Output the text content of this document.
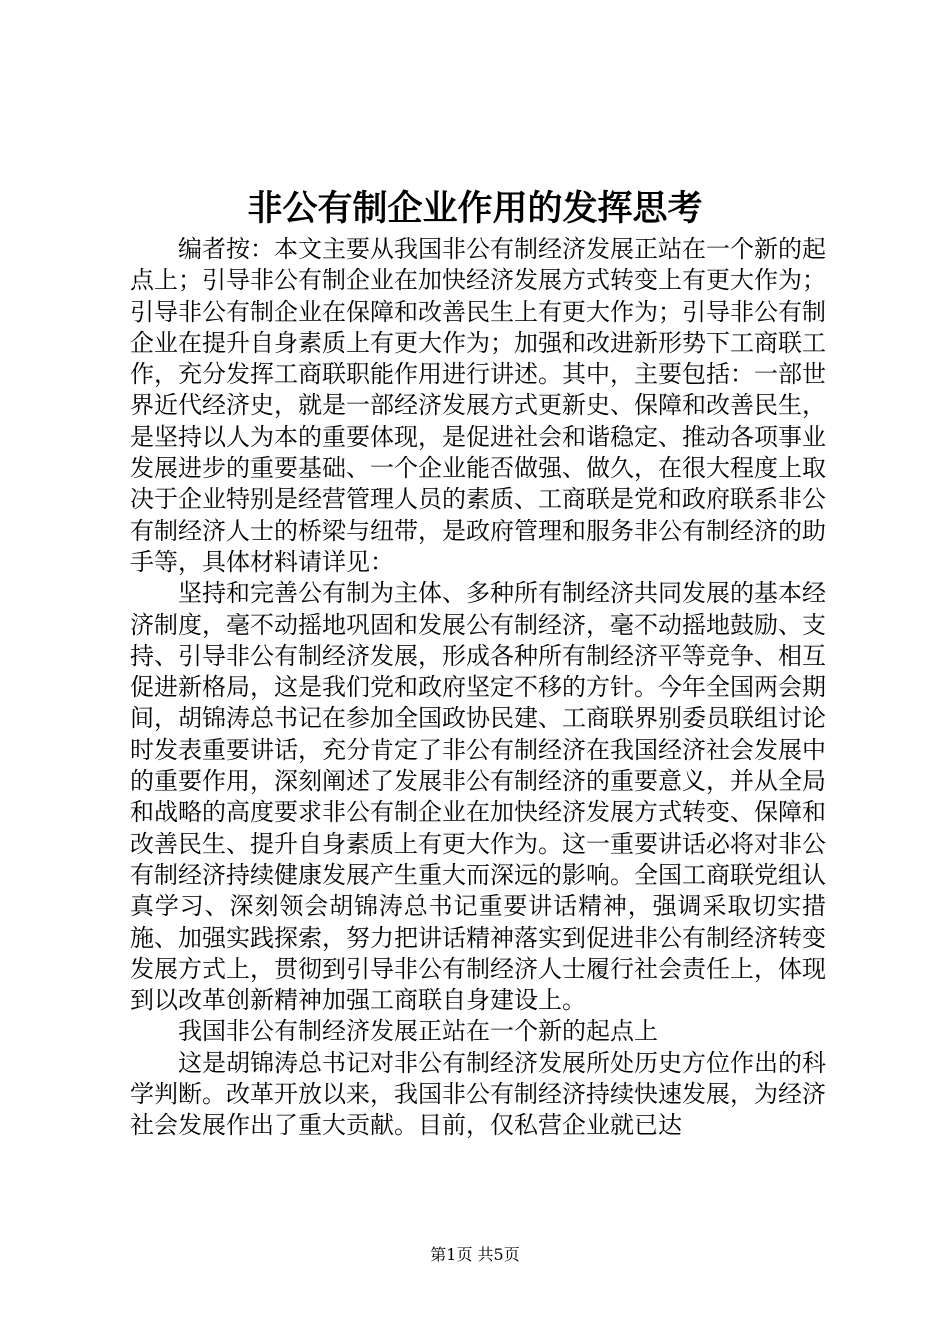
非公有制企业作用的发挥思考

编者按：本文主要从我国非公有制经济发展正站在一个新的起点上；引导非公有制企业在加快经济发展方式转变上有更大作为；引导非公有制企业在保障和改善民生上有更大作为；引导非公有制企业在提升自身素质上有更大作为；加强和改进新形势下工商联工作，充分发挥工商联职能作用进行讲述。其中，主要包括：一部世界近代经济史，就是一部经济发展方式更新史、保障和改善民生，是坚持以人为本的重要体现，是促进社会和谐稳定、推动各项事业发展进步的重要基础、一个企业能否做强、做久，在很大程度上取决于企业特别是经营管理人员的素质、工商联是党和政府联系非公有制经济人士的桥梁与纽带，是政府管理和服务非公有制经济的助手等，具体材料请详见：

坚持和完善公有制为主体、多种所有制经济共同发展的基本经济制度，毫不动摇地巩固和发展公有制经济，毫不动摇地鼓励、支持、引导非公有制经济发展，形成各种所有制经济平等竞争、相互促进新格局，这是我们党和政府坚定不移的方针。今年全国两会期间，胡锦涛总书记在参加全国政协民建、工商联界别委员联组讨论时发表重要讲话，充分肯定了非公有制经济在我国经济社会发展中的重要作用，深刻阐述了发展非公有制经济的重要意义，并从全局和战略的高度要求非公有制企业在加快经济发展方式转变、保障和改善民生、提升自身素质上有更大作为。这一重要讲话必将对非公有制经济持续健康发展产生重大而深远的影响。全国工商联党组认真学习、深刻领会胡锦涛总书记重要讲话精神，强调采取切实措施、加强实践探索，努力把讲话精神落实到促进非公有制经济转变发展方式上，贯彻到引导非公有制经济人士履行社会责任上，体现到以改革创新精神加强工商联自身建设上。

我国非公有制经济发展正站在一个新的起点上

这是胡锦涛总书记对非公有制经济发展所处历史方位作出的科学判断。改革开放以来，我国非公有制经济持续快速发展，为经济社会发展作出了重大贡献。目前，仅私营企业就已达

第1页 共5页
